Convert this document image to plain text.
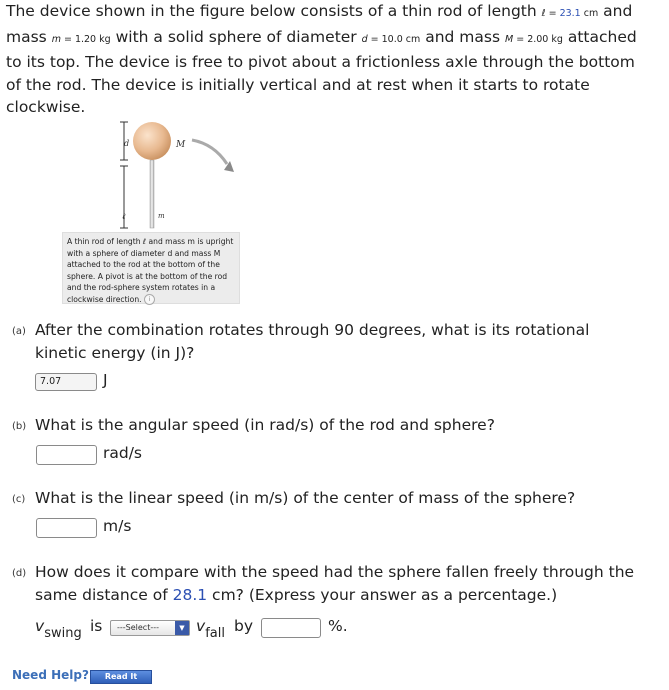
The device shown in the figure below consists of a thin rod of length ℓ = 23.1 cm and
mass m = 1.20 kg with a solid sphere of diameter d = 10.0 cm and mass M = 2.00 kg attached
to its top. The device is free to pivot about a frictionless axle through the bottom
of the rod. The device is initially vertical and at rest when it starts to rotate
clockwise.
d	M
ℓ	m
A thin rod of length ℓ and mass m is upright with a sphere of diameter d and mass M attached to the rod at the bottom of the sphere. A pivot is at the bottom of the rod and the rod-sphere system rotates in a clockwise direction. i
(a) After the combination rotates through 90 degrees, what is its rotational
kinetic energy (in J)?
7.07	J
(b) What is the angular speed (in rad/s) of the rod and sphere?
rad/s
(c) What is the linear speed (in m/s) of the center of mass of the sphere?
m/s
(d) How does it compare with the speed had the sphere fallen freely through the
same distance of 28.1 cm? (Express your answer as a percentage.)
$v_{swing}$ is	---Select---	▼ $v_{fall}$ by	%.
Need Help?	Read It
